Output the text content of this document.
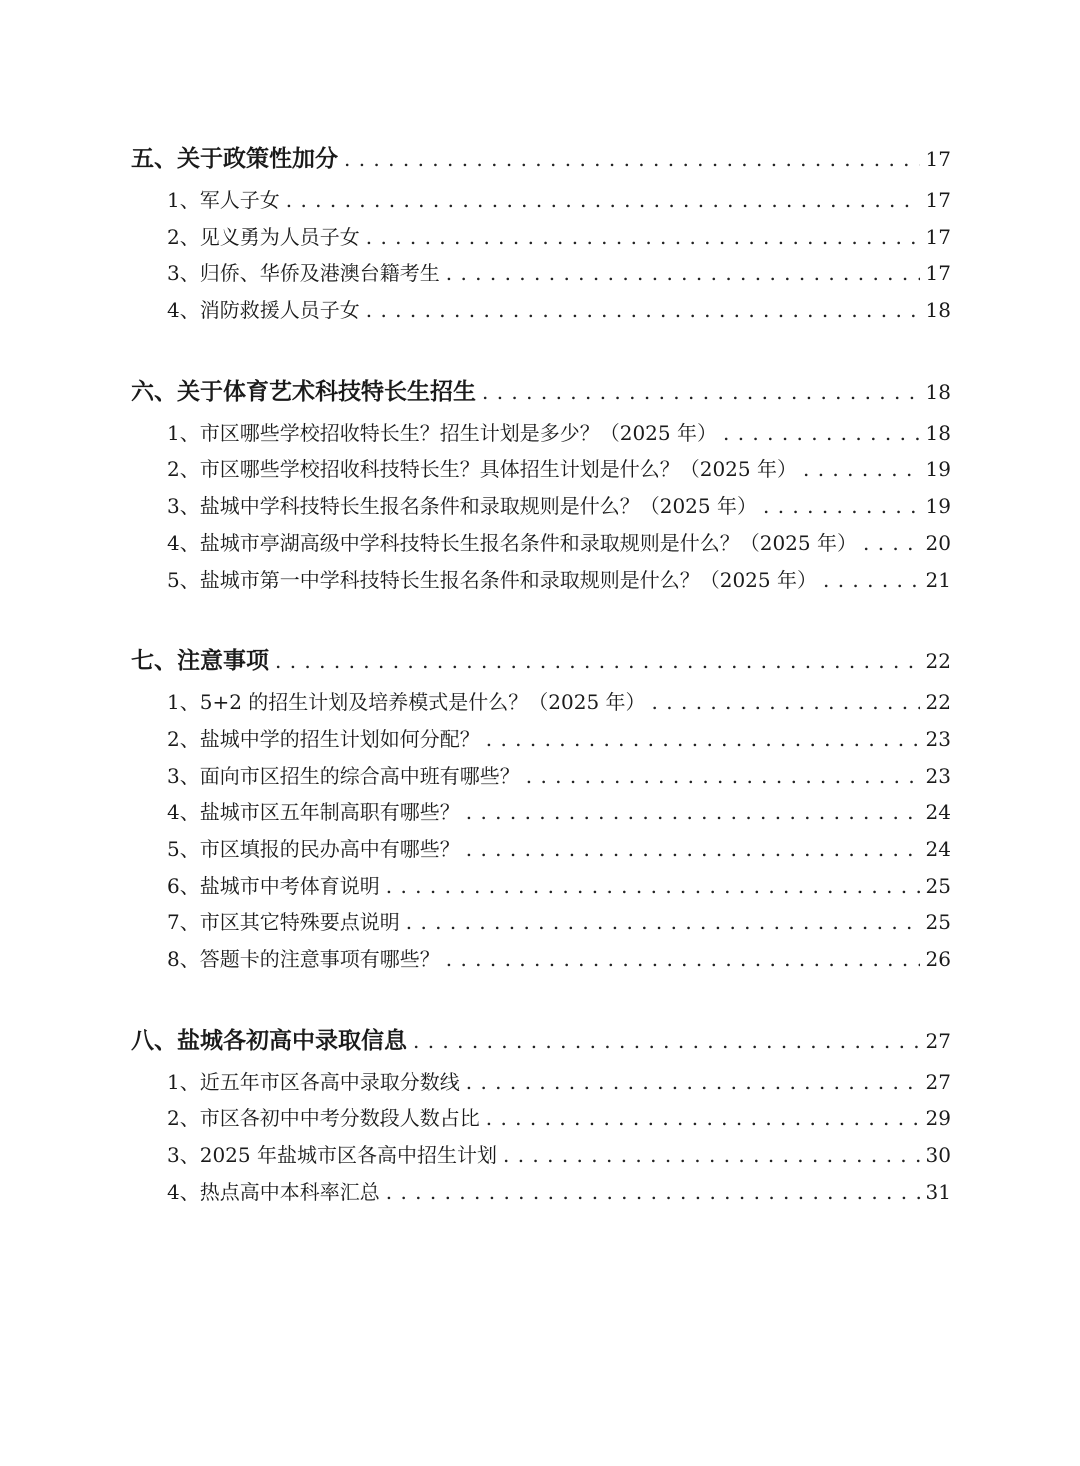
五、关于政策性加分 . . .	17
1、军人子女 . . .	17
2、见义勇为人员子女 . . .	17
3、归侨、华侨及港澳台籍考生 . . .	17
4、消防救援人员子女 . . .	18
六、关于体育艺术科技特长生招生 . . .	18
1、市区哪些学校招收特长生？招生计划是多少？（2025 年） . . .	18
2、市区哪些学校招收科技特长生？具体招生计划是什么？（2025 年） . . .	19
3、盐城中学科技特长生报名条件和录取规则是什么？（2025 年） . . .	19
4、盐城市亭湖高级中学科技特长生报名条件和录取规则是什么？（2025 年） . . .	20
5、盐城市第一中学科技特长生报名条件和录取规则是什么？（2025 年） . . .	21
七、注意事项 . . .	22
1、5+2 的招生计划及培养模式是什么？（2025 年） . . .	22
2、盐城中学的招生计划如何分配？ . . .	23
3、面向市区招生的综合高中班有哪些？ . . .	23
4、盐城市区五年制高职有哪些？ . . .	24
5、市区填报的民办高中有哪些？ . . .	24
6、盐城市中考体育说明 . . .	25
7、市区其它特殊要点说明 . . .	25
8、答题卡的注意事项有哪些？ . . .	26
八、盐城各初高中录取信息 . . .	27
1、近五年市区各高中录取分数线 . . .	27
2、市区各初中中考分数段人数占比 . . .	29
3、2025 年盐城市区各高中招生计划 . . .	30
4、热点高中本科率汇总 . . .	31
